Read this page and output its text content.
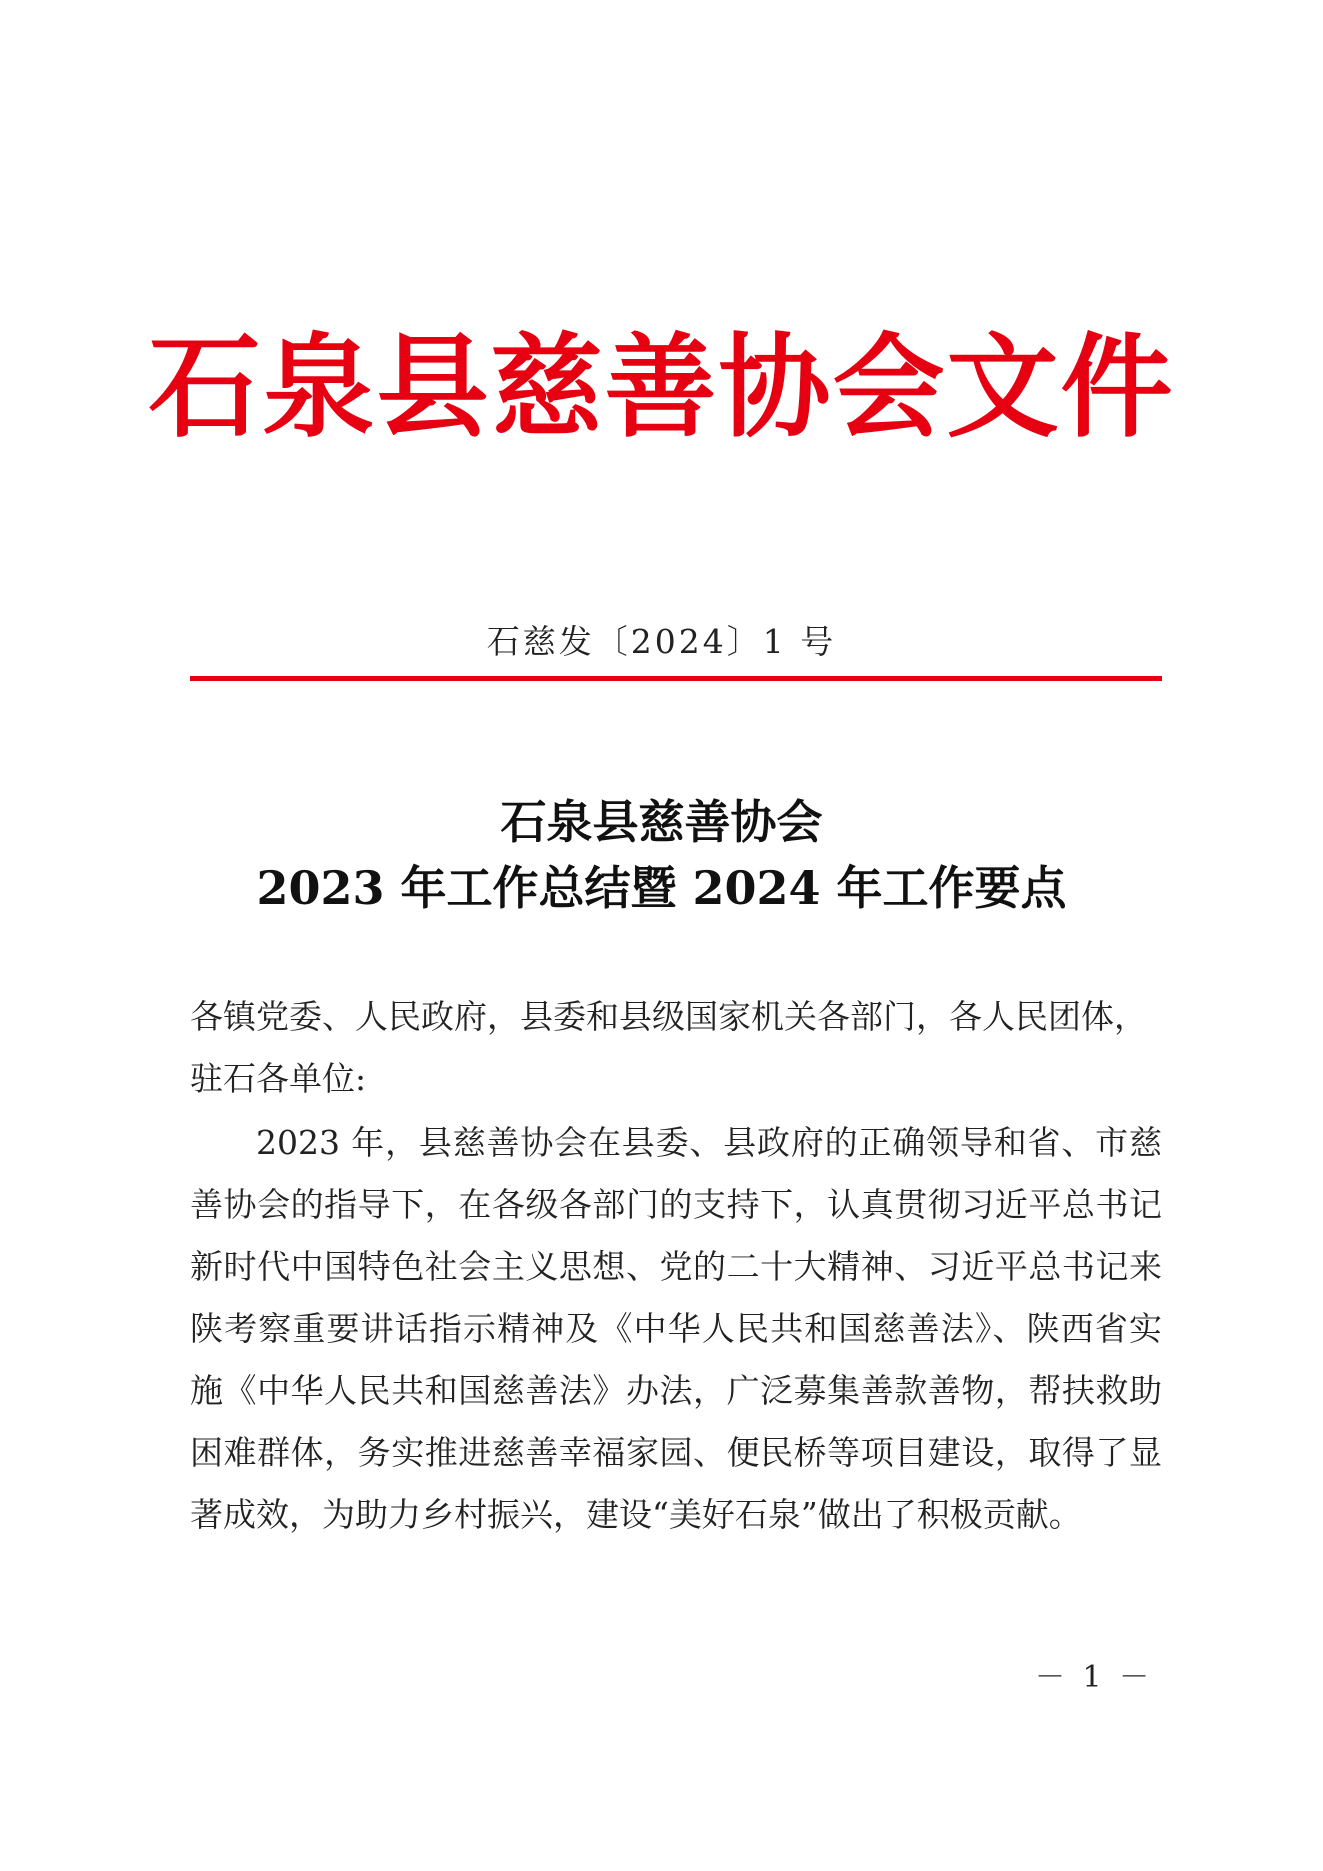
石泉县慈善协会文件
石慈发〔2024〕1 号
石泉县慈善协会
2023 年工作总结暨 2024 年工作要点
各镇党委、人民政府，县委和县级国家机关各部门，各人民团体，驻石各单位:
2023 年，县慈善协会在县委、县政府的正确领导和省、市慈善协会的指导下，在各级各部门的支持下，认真贯彻习近平总书记新时代中国特色社会主义思想、党的二十大精神、习近平总书记来陕考察重要讲话指示精神及《中华人民共和国慈善法》、陕西省实施《中华人民共和国慈善法》办法，广泛募集善款善物，帮扶救助困难群体，务实推进慈善幸福家园、便民桥等项目建设，取得了显著成效，为助力乡村振兴，建设“美好石泉”做出了积极贡献。
－ 1 －
